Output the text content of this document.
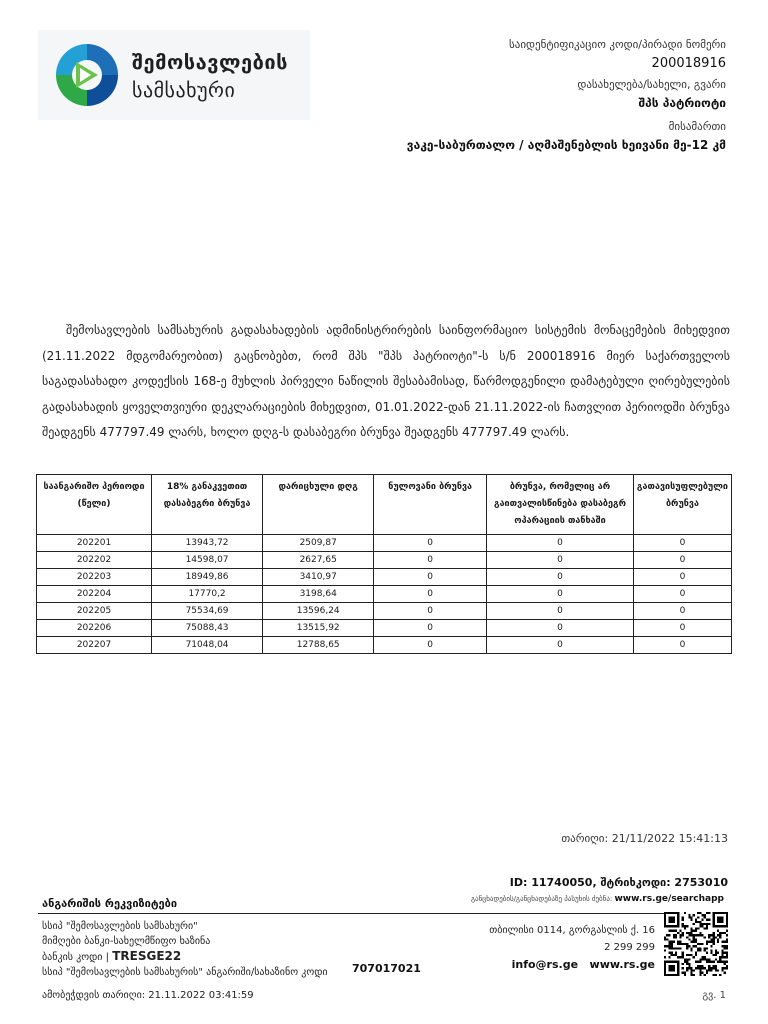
შემოსავლების
სამსახური
საიდენტიფიკაციო კოდი/პირადი ნომერი
200018916
დასახელება/სახელი, გვარი
შპს პატრიოტი
მისამართი
ვაკე-საბურთალო / აღმაშენებლის ხეივანი მე-12 კმ
შემოსავლების სამსახურის გადასახადების ადმინისტრირების საინფორმაციო სისტემის მონაცემების მიხედვით (21.11.2022 მდგომარეობით) გაცნობებთ, რომ შპს "შპს პატრიოტი"-ს ს/ნ 200018916 მიერ საქართველოს საგადასახადო კოდექსის 168-ე მუხლის პირველი ნაწილის შესაბამისად, წარმოდგენილი დამატებული ღირებულების გადასახადის ყოველთვიური დეკლარაციების მიხედვით, 01.01.2022-დან 21.11.2022-ის ჩათვლით პერიოდში ბრუნვა შეადგენს 477797.49 ლარს, ხოლო დღგ-ს დასაბეგრი ბრუნვა შეადგენს 477797.49 ლარს.
საანგარიშო პერიოდი (წელი)	18% განაკვეთით დასაბეგრი ბრუნვა	დარიცხული დღგ	ნულოვანი ბრუნვა	ბრუნვა, რომელიც არ გაითვალისწინება დასაბეგრ ოპარაციის თანხაში	გათავისუფლებული ბრუნვა
202201	13943,72	2509,87	0	0	0
202202	14598,07	2627,65	0	0	0
202203	18949,86	3410,97	0	0	0
202204	17770,2	3198,64	0	0	0
202205	75534,69	13596,24	0	0	0
202206	75088,43	13515,92	0	0	0
202207	71048,04	12788,65	0	0	0
თარიღი: 21/11/2022 15:41:13
ID: 11740050, შტრიხკოდი: 2753010
განცხადების/განცხადებაზე პასუხის ძებნა: www.rs.ge/searchapp
ანგარიშის რეკვიზიტები
სსიპ "შემოსავლების სამსახური"
მიმღები ბანკი-სახელმწიფო ხაზინა
ბანკის კოდი | TRESGE22
სსიპ "შემოსავლების სამსახურის" ანგარიში/სახაზინო კოდი 707017021
თბილისი 0114, გორგასლის ქ. 16
2 299 299
info@rs.ge www.rs.ge
ამობეჭდვის თარიღი: 21.11.2022 03:41:59	გვ. 1
